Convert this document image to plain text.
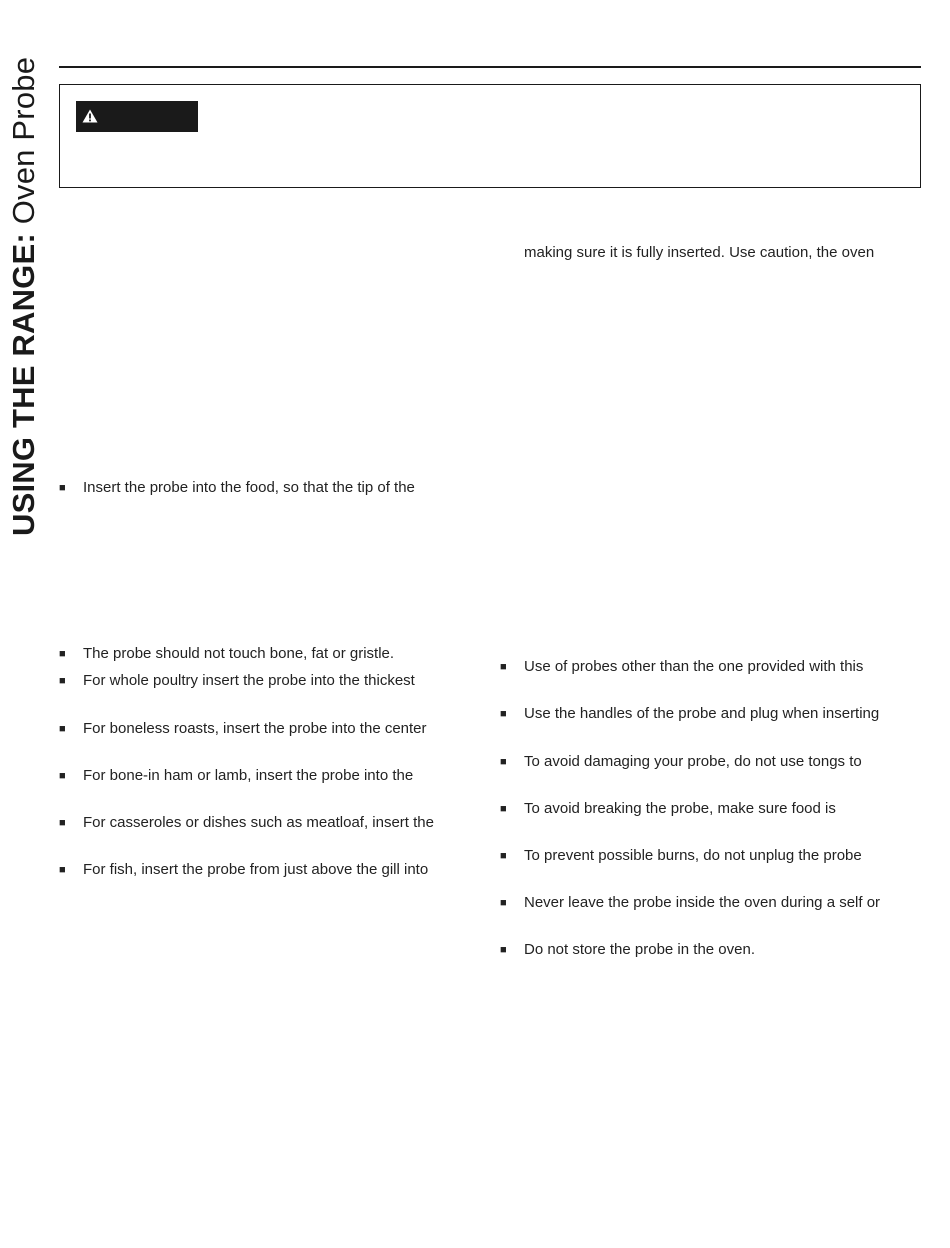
USING THE RANGE: Oven Probe
making sure it is fully inserted. Use caution, the oven
■ Insert the probe into the food, so that the tip of the
■ The probe should not touch bone, fat or gristle.
■ For whole poultry insert the probe into the thickest
■ For boneless roasts, insert the probe into the center
■ For bone-in ham or lamb, insert the probe into the
■ For casseroles or dishes such as meatloaf, insert the
■ For fish, insert the probe from just above the gill into
■ Use of probes other than the one provided with this
■ Use the handles of the probe and plug when inserting
■ To avoid damaging your probe, do not use tongs to
■ To avoid breaking the probe, make sure food is
■ To prevent possible burns, do not unplug the probe
■ Never leave the probe inside the oven during a self or
■ Do not store the probe in the oven.
